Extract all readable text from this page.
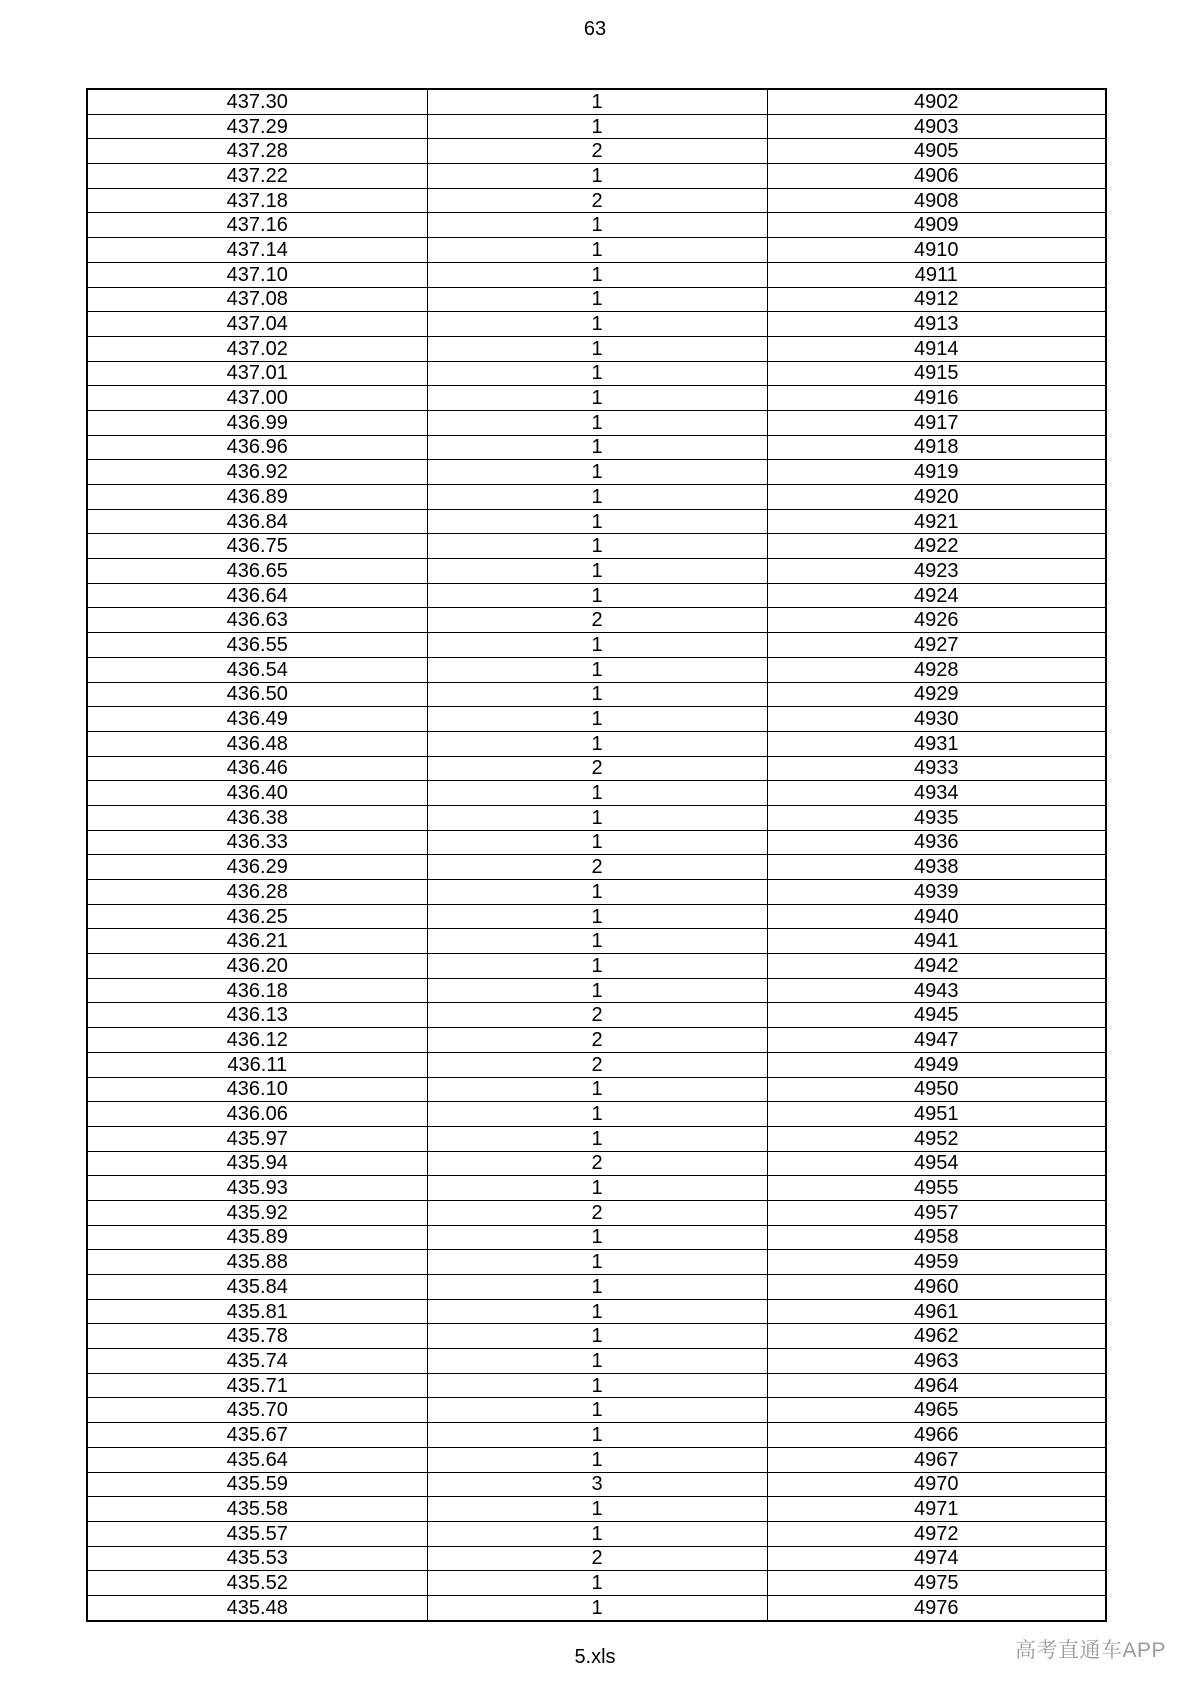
63
437.30	1	4902
437.29	1	4903
437.28	2	4905
437.22	1	4906
437.18	2	4908
437.16	1	4909
437.14	1	4910
437.10	1	4911
437.08	1	4912
437.04	1	4913
437.02	1	4914
437.01	1	4915
437.00	1	4916
436.99	1	4917
436.96	1	4918
436.92	1	4919
436.89	1	4920
436.84	1	4921
436.75	1	4922
436.65	1	4923
436.64	1	4924
436.63	2	4926
436.55	1	4927
436.54	1	4928
436.50	1	4929
436.49	1	4930
436.48	1	4931
436.46	2	4933
436.40	1	4934
436.38	1	4935
436.33	1	4936
436.29	2	4938
436.28	1	4939
436.25	1	4940
436.21	1	4941
436.20	1	4942
436.18	1	4943
436.13	2	4945
436.12	2	4947
436.11	2	4949
436.10	1	4950
436.06	1	4951
435.97	1	4952
435.94	2	4954
435.93	1	4955
435.92	2	4957
435.89	1	4958
435.88	1	4959
435.84	1	4960
435.81	1	4961
435.78	1	4962
435.74	1	4963
435.71	1	4964
435.70	1	4965
435.67	1	4966
435.64	1	4967
435.59	3	4970
435.58	1	4971
435.57	1	4972
435.53	2	4974
435.52	1	4975
435.48	1	4976
5.xls	高考直通车APP
